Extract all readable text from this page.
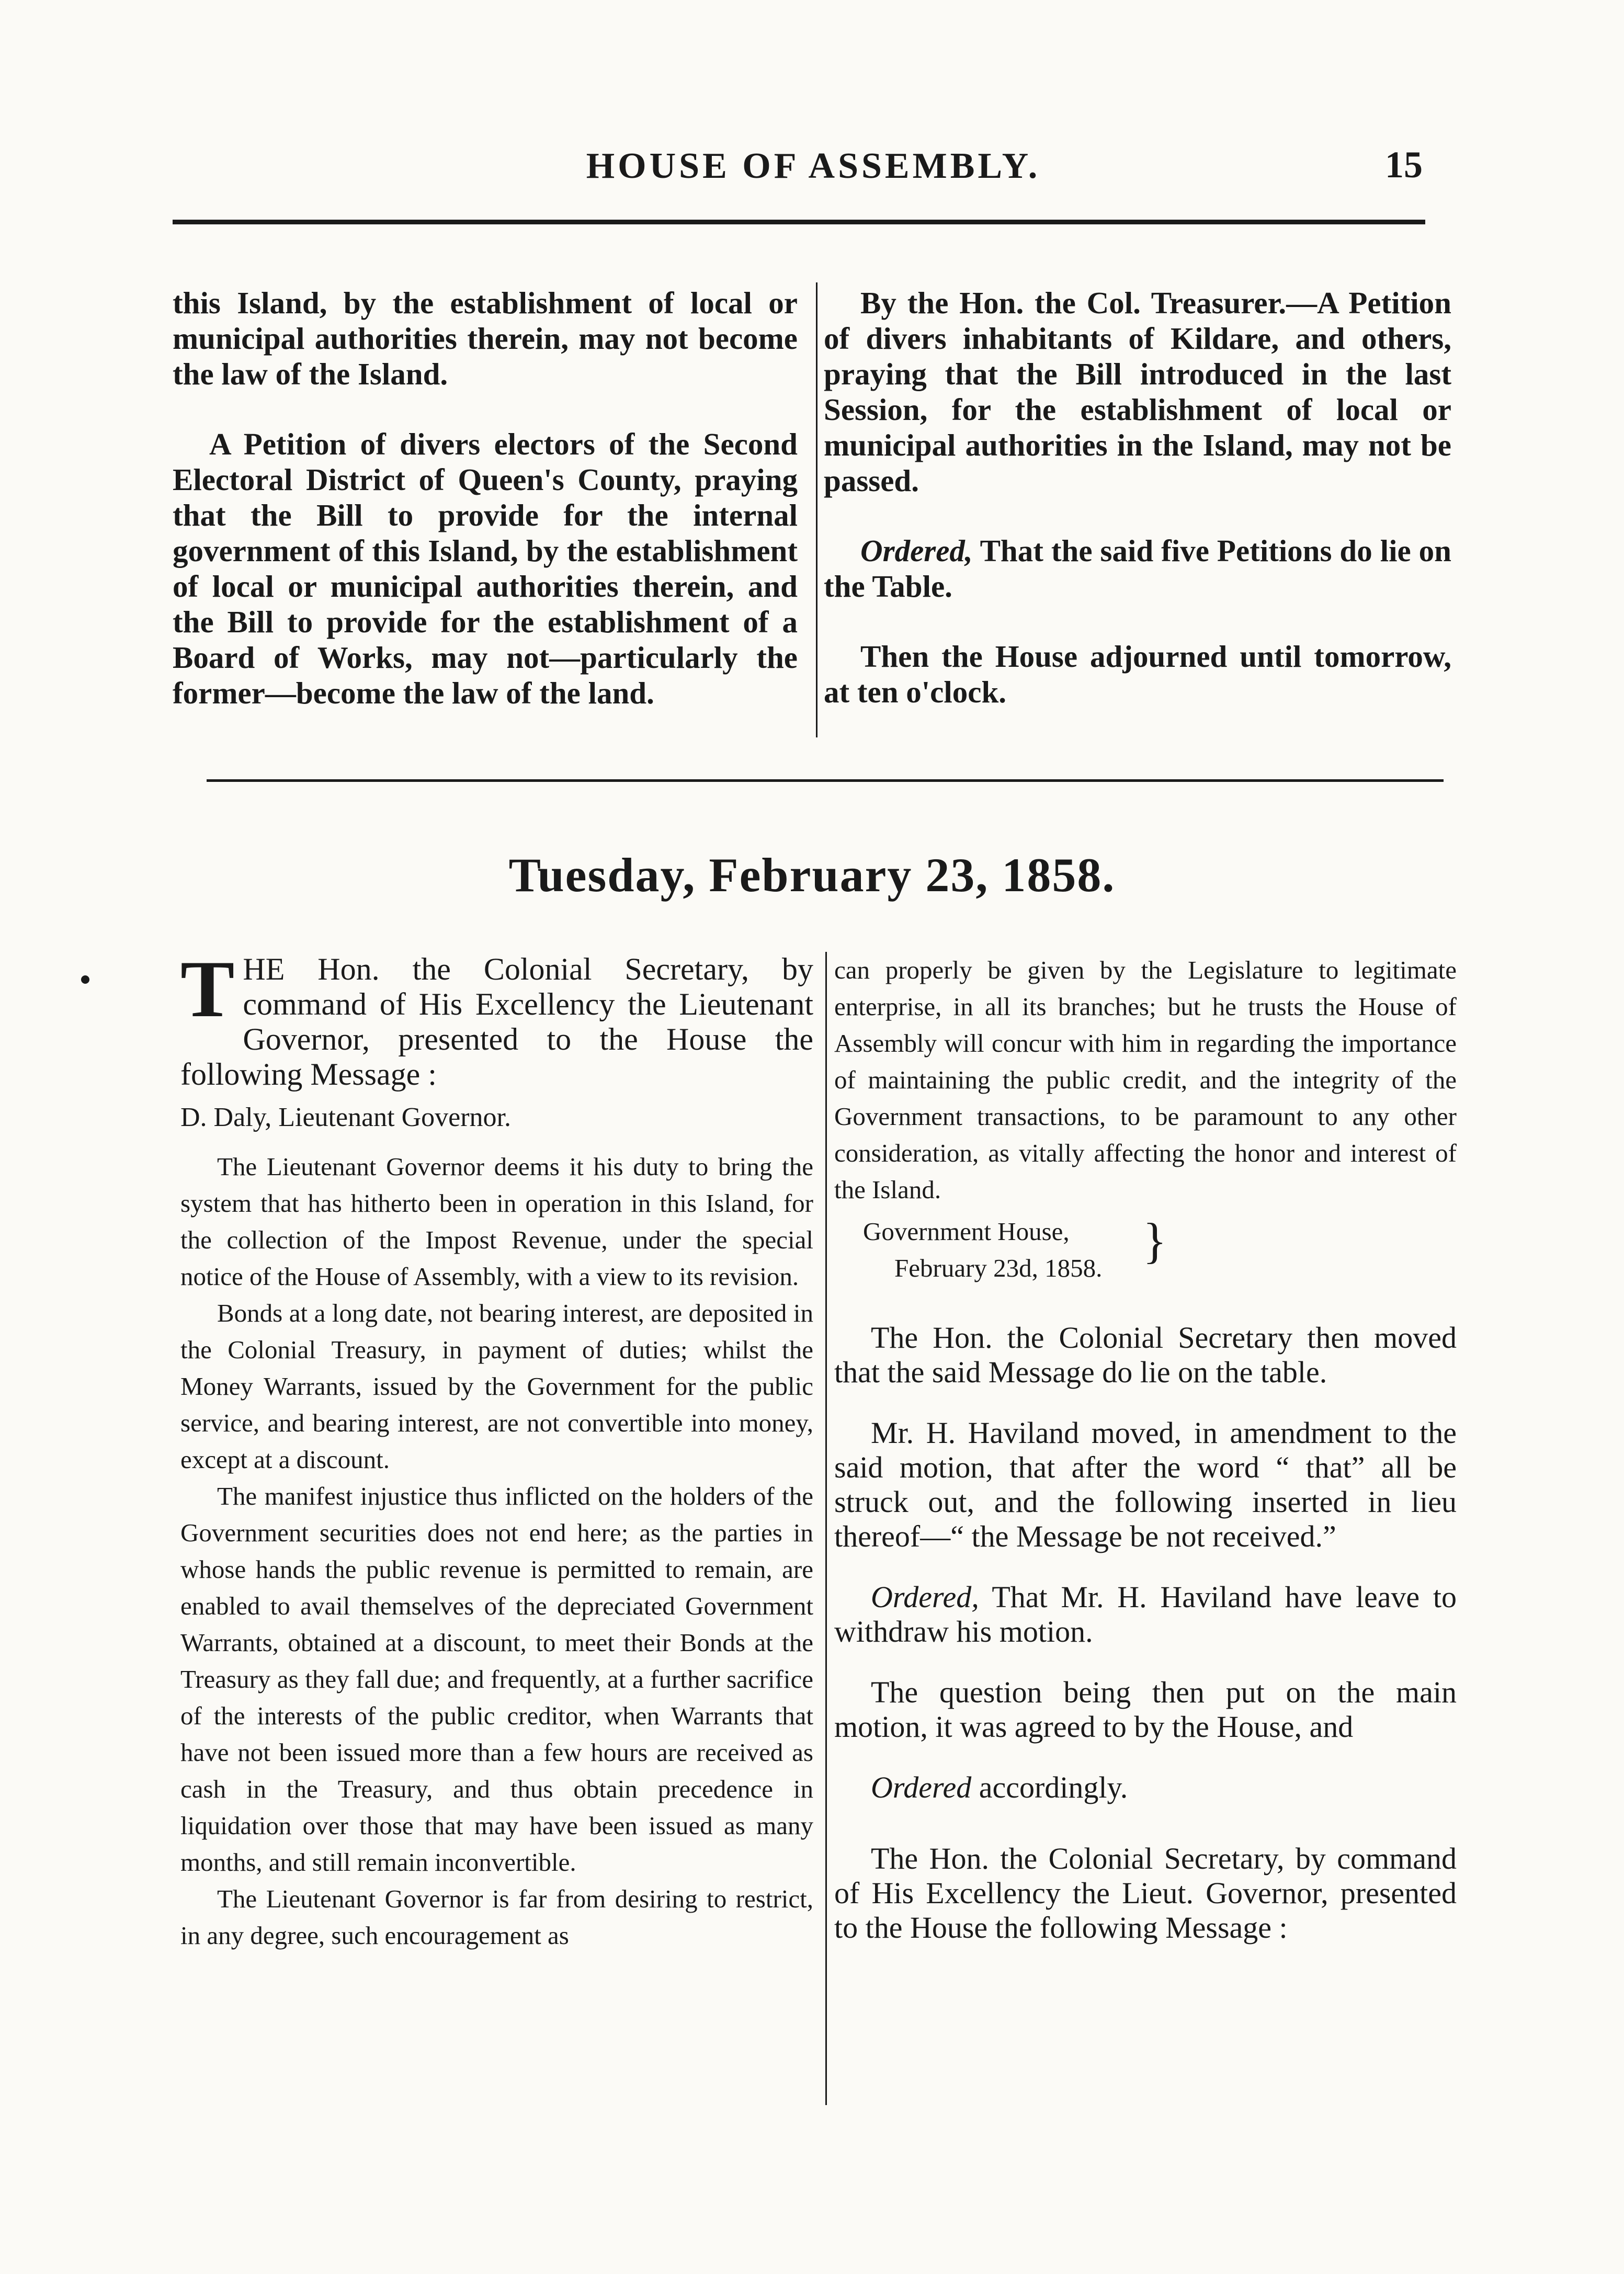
HOUSE OF ASSEMBLY.	15

this Island, by the establishment of local or municipal authorities therein, may not become the law of the Island.

A Petition of divers electors of the Second Electoral District of Queen's County, praying that the Bill to provide for the internal government of this Island, by the establishment of local or municipal authorities therein, and the Bill to provide for the establishment of a Board of Works, may not—particularly the former—become the law of the land.

By the Hon. the Col. Treasurer.—A Petition of divers inhabitants of Kildare, and others, praying that the Bill introduced in the last Session, for the establishment of local or municipal authorities in the Island, may not be passed.

Ordered, That the said five Petitions do lie on the Table.

Then the House adjourned until tomorrow, at ten o'clock.

Tuesday, February 23, 1858.

THE Hon. the Colonial Secretary, by command of His Excellency the Lieutenant Governor, presented to the House the following Message :

D. Daly, Lieutenant Governor.

The Lieutenant Governor deems it his duty to bring the system that has hitherto been in operation in this Island, for the collection of the Impost Revenue, under the special notice of the House of Assembly, with a view to its revision.

Bonds at a long date, not bearing interest, are deposited in the Colonial Treasury, in payment of duties; whilst the Money Warrants, issued by the Government for the public service, and bearing interest, are not convertible into money, except at a discount.

The manifest injustice thus inflicted on the holders of the Government securities does not end here; as the parties in whose hands the public revenue is permitted to remain, are enabled to avail themselves of the depreciated Government Warrants, obtained at a discount, to meet their Bonds at the Treasury as they fall due; and frequently, at a further sacrifice of the interests of the public creditor, when Warrants that have not been issued more than a few hours are received as cash in the Treasury, and thus obtain precedence in liquidation over those that may have been issued as many months, and still remain inconvertible.

The Lieutenant Governor is far from desiring to restrict, in any degree, such encouragement as

can properly be given by the Legislature to legitimate enterprise, in all its branches; but he trusts the House of Assembly will concur with him in regarding the importance of maintaining the public credit, and the integrity of the Government transactions, to be paramount to any other consideration, as vitally affecting the honor and interest of the Island.

Government House,
February 23d, 1858. }

The Hon. the Colonial Secretary then moved that the said Message do lie on the table.

Mr. H. Haviland moved, in amendment to the said motion, that after the word “ that” all be struck out, and the following inserted in lieu thereof—“ the Message be not received.”

Ordered, That Mr. H. Haviland have leave to withdraw his motion.

The question being then put on the main motion, it was agreed to by the House, and

Ordered accordingly.

The Hon. the Colonial Secretary, by command of His Excellency the Lieut. Governor, presented to the House the following Message :
